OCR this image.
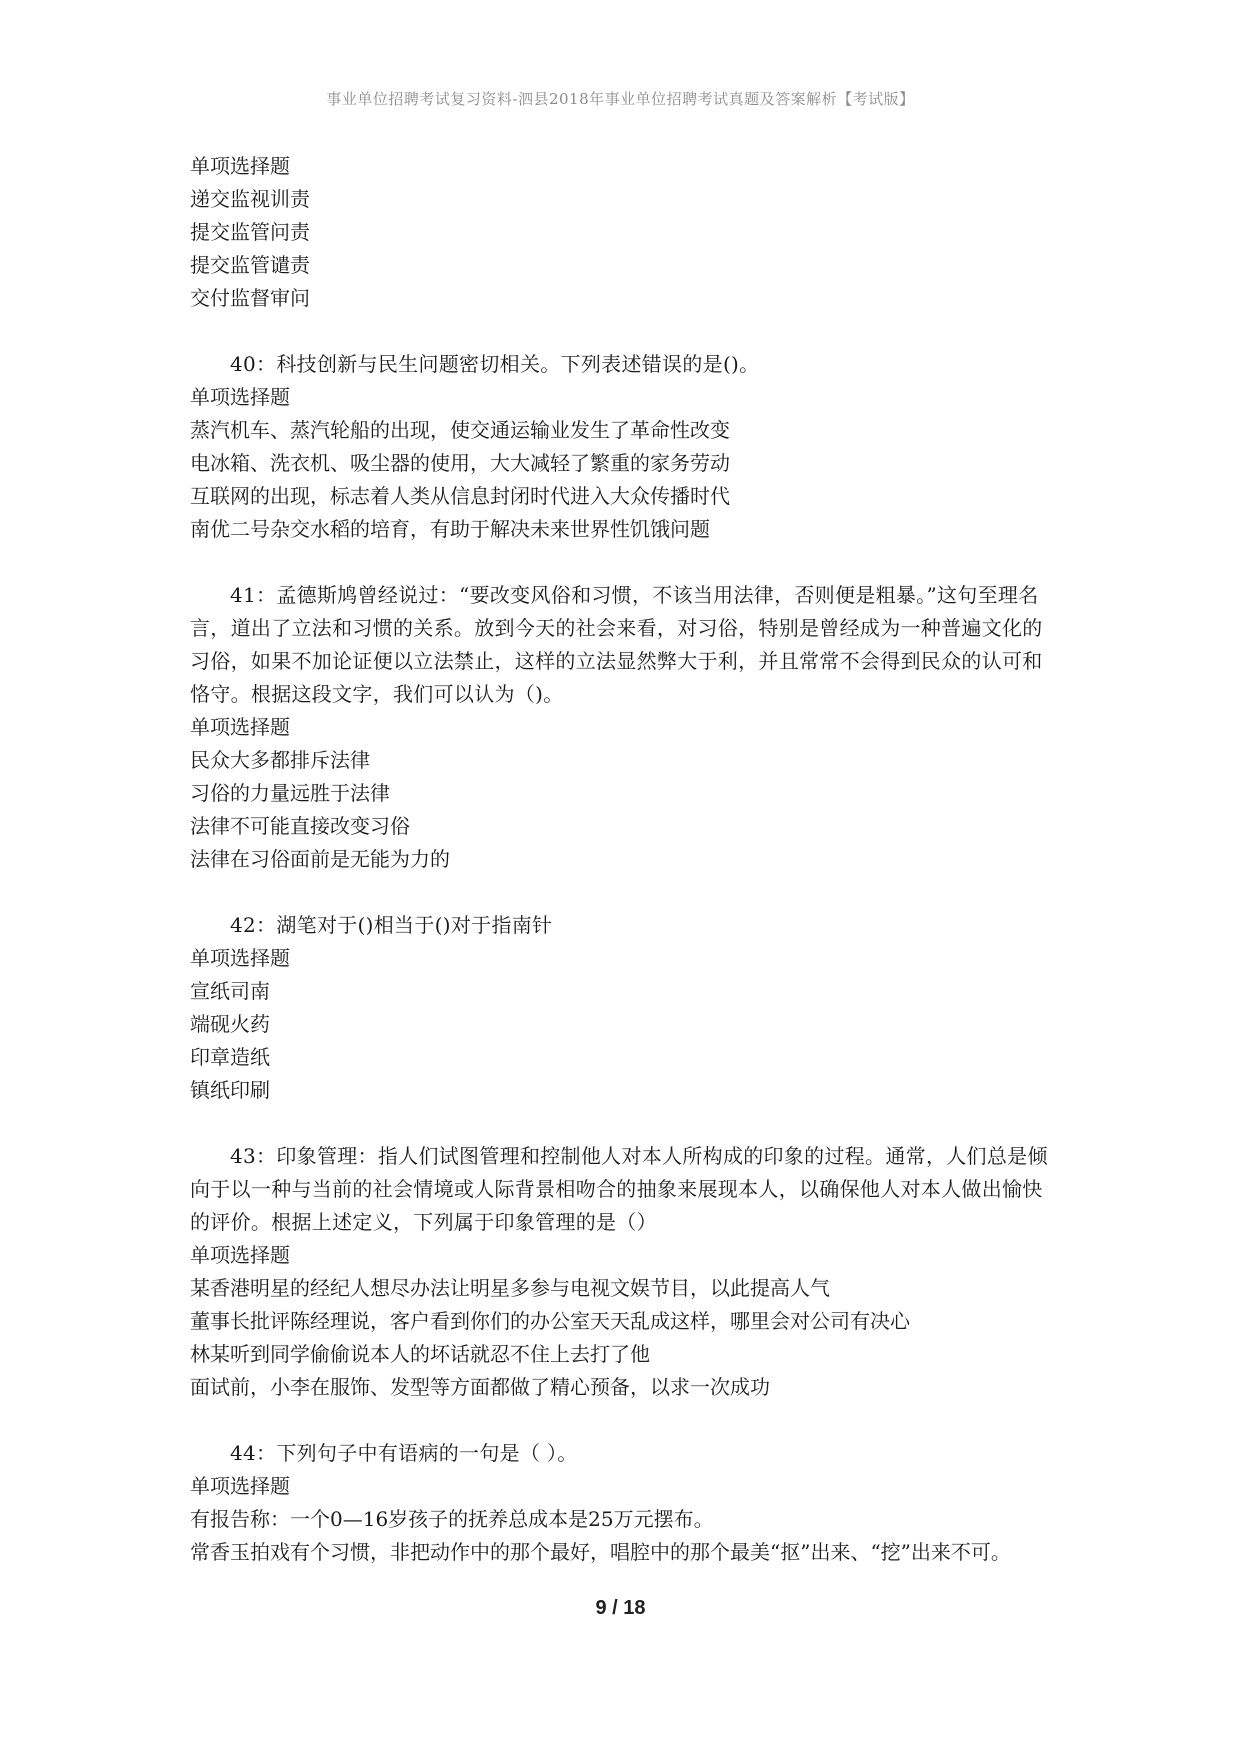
事业单位招聘考试复习资料-泗县2018年事业单位招聘考试真题及答案解析【考试版】
单项选择题
递交监视训责
提交监管问责
提交监管谴责
交付监督审问
40：科技创新与民生问题密切相关。下列表述错误的是()。
单项选择题
蒸汽机车、蒸汽轮船的出现，使交通运输业发生了革命性改变
电冰箱、洗衣机、吸尘器的使用，大大减轻了繁重的家务劳动
互联网的出现，标志着人类从信息封闭时代进入大众传播时代
南优二号杂交水稻的培育，有助于解决未来世界性饥饿问题
41：孟德斯鸠曾经说过：“要改变风俗和习惯，不该当用法律，否则便是粗暴。”这句至理名言，道出了立法和习惯的关系。放到今天的社会来看，对习俗，特别是曾经成为一种普遍文化的习俗，如果不加论证便以立法禁止，这样的立法显然弊大于利，并且常常不会得到民众的认可和恪守。根据这段文字，我们可以认为（)。
单项选择题
民众大多都排斥法律
习俗的力量远胜于法律
法律不可能直接改变习俗
法律在习俗面前是无能为力的
42：湖笔对于()相当于()对于指南针
单项选择题
宣纸司南
端砚火药
印章造纸
镇纸印刷
43：印象管理：指人们试图管理和控制他人对本人所构成的印象的过程。通常，人们总是倾向于以一种与当前的社会情境或人际背景相吻合的抽象来展现本人，以确保他人对本人做出愉快的评价。根据上述定义，下列属于印象管理的是（）
单项选择题
某香港明星的经纪人想尽办法让明星多参与电视文娱节目，以此提高人气
董事长批评陈经理说，客户看到你们的办公室天天乱成这样，哪里会对公司有决心
林某听到同学偷偷说本人的坏话就忍不住上去打了他
面试前，小李在服饰、发型等方面都做了精心预备，以求一次成功
44：下列句子中有语病的一句是（ ）。
单项选择题
有报告称：一个0—16岁孩子的抚养总成本是25万元摆布。
常香玉拍戏有个习惯，非把动作中的那个最好，唱腔中的那个最美“抠”出来、“挖”出来不可。
9 / 18
